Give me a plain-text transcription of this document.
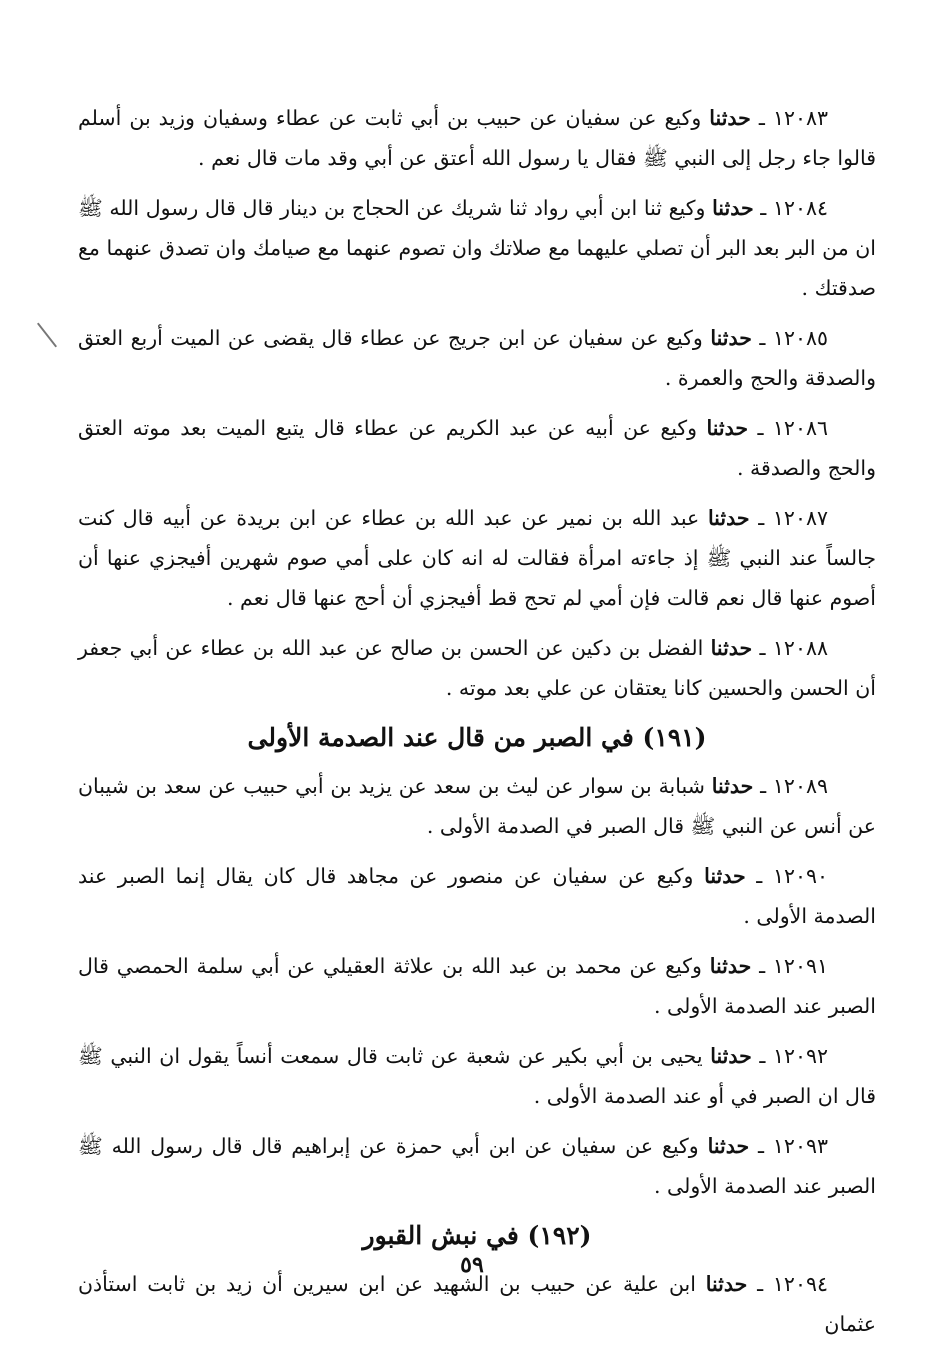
١٢٠٨٣ ـ حدثنا وكيع عن سفيان عن حبيب بن أبي ثابت عن عطاء وسفيان وزيد بن أسلم قالوا جاء رجل إلى النبي ﷺ فقال يا رسول الله أعتق عن أبي وقد مات قال نعم .

١٢٠٨٤ ـ حدثنا وكيع ثنا ابن أبي رواد ثنا شريك عن الحجاج بن دينار قال قال رسول الله ﷺ ان من البر بعد البر أن تصلي عليهما مع صلاتك وان تصوم عنهما مع صيامك وان تصدق عنهما مع صدقتك .

١٢٠٨٥ ـ حدثنا وكيع عن سفيان عن ابن جريج عن عطاء قال يقضى عن الميت أربع العتق والصدقة والحج والعمرة .

١٢٠٨٦ ـ حدثنا وكيع عن أبيه عن عبد الكريم عن عطاء قال يتبع الميت بعد موته العتق والحج والصدقة .

١٢٠٨٧ ـ حدثنا عبد الله بن نمير عن عبد الله بن عطاء عن ابن بريدة عن أبيه قال كنت جالساً عند النبي ﷺ إذ جاءته امرأة فقالت له انه كان على أمي صوم شهرين أفيجزي عنها أن أصوم عنها قال نعم قالت فإن أمي لم تحج قط أفيجزي أن أحج عنها قال نعم .

١٢٠٨٨ ـ حدثنا الفضل بن دكين عن الحسن بن صالح عن عبد الله بن عطاء عن أبي جعفر أن الحسن والحسين كانا يعتقان عن علي بعد موته .

(١٩١) في الصبر من قال عند الصدمة الأولى

١٢٠٨٩ ـ حدثنا شبابة بن سوار عن ليث بن سعد عن يزيد بن أبي حبيب عن سعد بن شيبان عن أنس عن النبي ﷺ قال الصبر في الصدمة الأولى .

١٢٠٩٠ ـ حدثنا وكيع عن سفيان عن منصور عن مجاهد قال كان يقال إنما الصبر عند الصدمة الأولى .

١٢٠٩١ ـ حدثنا وكيع عن محمد بن عبد الله بن علاثة العقيلي عن أبي سلمة الحمصي قال الصبر عند الصدمة الأولى .

١٢٠٩٢ ـ حدثنا يحيى بن أبي بكير عن شعبة عن ثابت قال سمعت أنساً يقول ان النبي ﷺ قال ان الصبر في أو عند الصدمة الأولى .

١٢٠٩٣ ـ حدثنا وكيع عن سفيان عن ابن أبي حمزة عن إبراهيم قال قال رسول الله ﷺ الصبر عند الصدمة الأولى .

(١٩٢) في نبش القبور

١٢٠٩٤ ـ حدثنا ابن علية عن حبيب بن الشهيد عن ابن سيرين أن زيد بن ثابت استأذن عثمان

٥٩
